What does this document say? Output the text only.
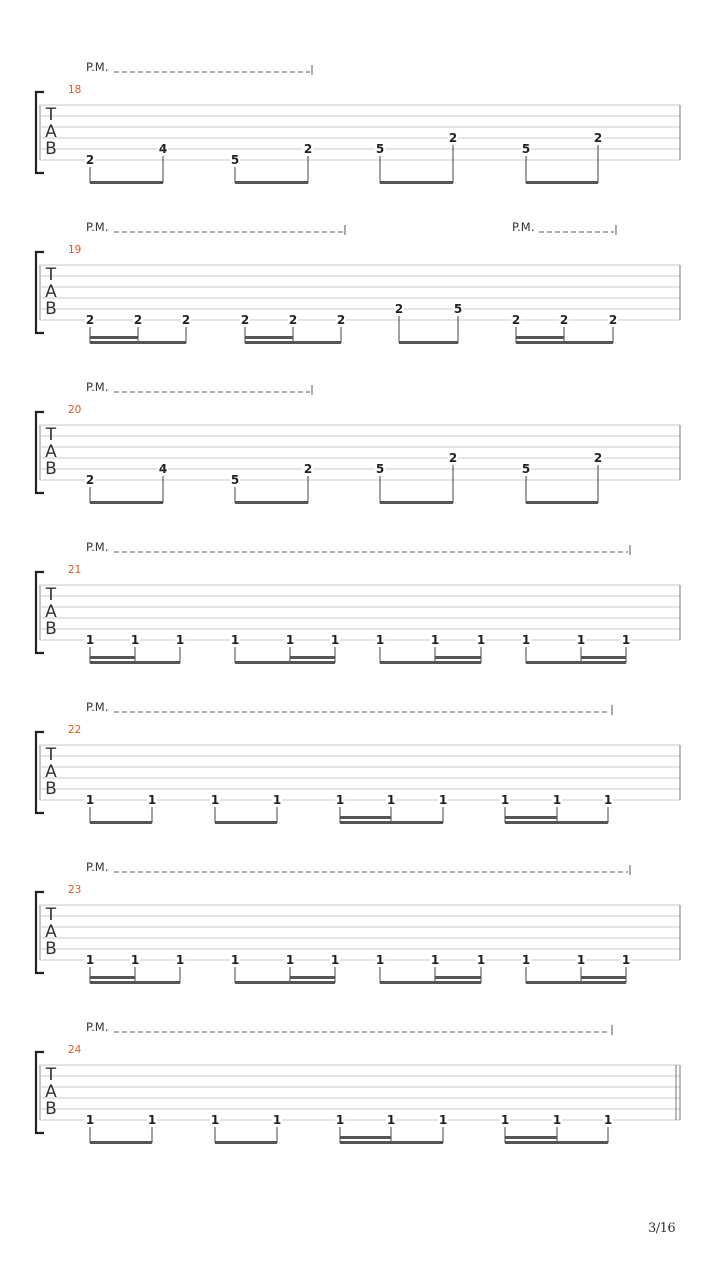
P.M.
18
T
A
B
2
4
5
2	5
2
5
2
P.M.	P.M.
19
T
A
B
2	2	2	2	2	2
2	5
2	2	2
P.M.
20
T
A
B
2
4
5
2	5
2
5
2
P.M.
21
T
A
B
1	1	1	1	1	1	1	1	1	1	1	1
P.M.
22
T
A
B
1	1	1	1	1	1	1	1	1	1
P.M.
23
T
A
B
1	1	1	1	1	1	1	1	1	1	1	1
P.M.
24
T
A
B
1	1	1	1	1	1	1	1	1	1
3/16
